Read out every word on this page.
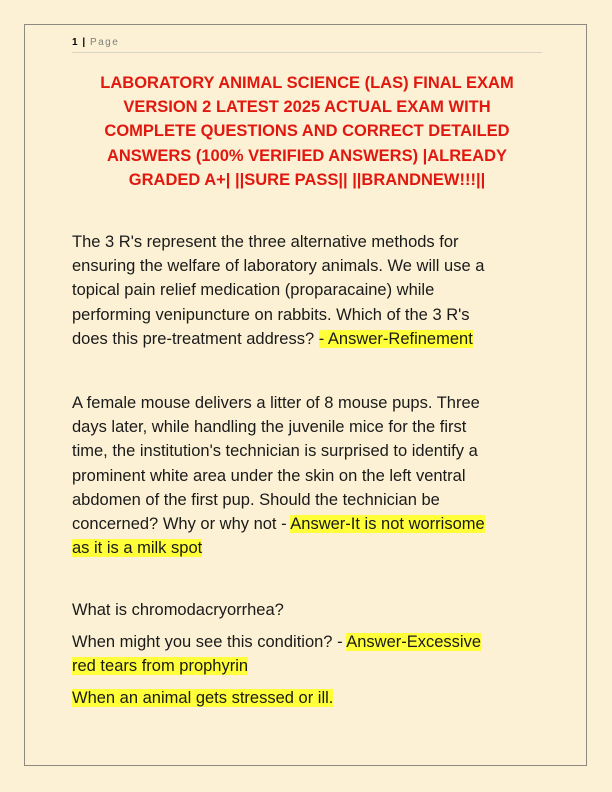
1 | Page
LABORATORY ANIMAL SCIENCE (LAS) FINAL EXAM
VERSION 2 LATEST 2025 ACTUAL EXAM WITH
COMPLETE QUESTIONS AND CORRECT DETAILED
ANSWERS (100% VERIFIED ANSWERS) |ALREADY
GRADED A+| ||SURE PASS|| ||BRANDNEW!!!||
The 3 R's represent the three alternative methods for
ensuring the welfare of laboratory animals. We will use a
topical pain relief medication (proparacaine) while
performing venipuncture on rabbits. Which of the 3 R's
does this pre-treatment address? - Answer-Refinement
A female mouse delivers a litter of 8 mouse pups. Three
days later, while handling the juvenile mice for the first
time, the institution's technician is surprised to identify a
prominent white area under the skin on the left ventral
abdomen of the first pup. Should the technician be
concerned? Why or why not - Answer-It is not worrisome
as it is a milk spot
What is chromodacryorrhea?
When might you see this condition? - Answer-Excessive
red tears from prophyrin
When an animal gets stressed or ill.
